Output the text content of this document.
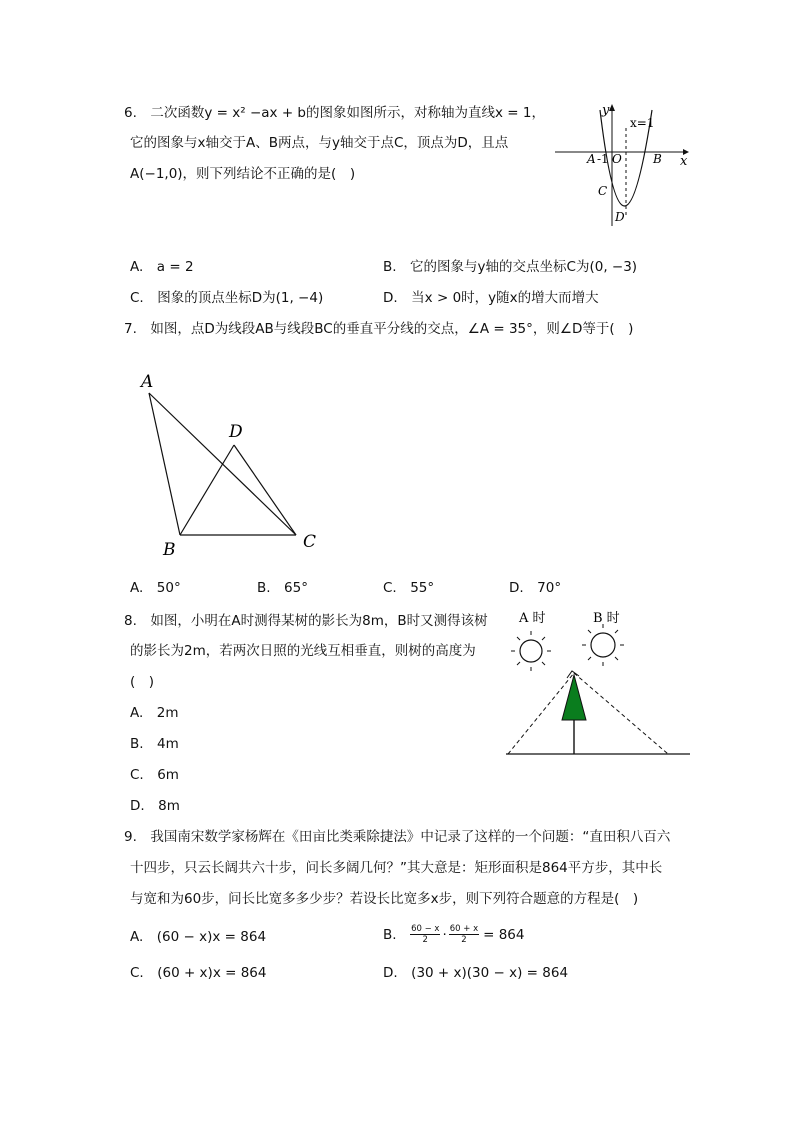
6.　二次函数y = x² −ax + b的图象如图所示，对称轴为直线x = 1，
它的图象与x轴交于A、B两点，与y轴交于点C，顶点为D，且点
A(−1,0)，则下列结论不正确的是(　)
y
x
x=1
A -1 O	B
C
D
A.　a = 2	B.　它的图象与y轴的交点坐标C为(0, −3)
C.　图象的顶点坐标D为(1, −4)	D.　当x > 0时，y随x的增大而增大
7.　如图，点D为线段AB与线段BC的垂直平分线的交点，∠A = 35°，则∠D等于(　)
A
B	C
D
A.　50°	B.　65°	C.　55°	D.　70°
8.　如图，小明在A时测得某树的影长为8m，B时又测得该树
的影长为2m，若两次日照的光线互相垂直，则树的高度为
(　)
A 时	B 时
A.　2m
B.　4m
C.　6m
D.　8m
9.　我国南宋数学家杨辉在《田亩比类乘除捷法》中记录了这样的一个问题：“直田积八百六
十四步，只云长阔共六十步，问长多阔几何？”其大意是：矩形面积是864平方步，其中长
与宽和为60步，问长比宽多多少步？若设长比宽多x步，则下列符合题意的方程是(　)
A.　(60 − x)x = 864	B.　 $\frac{60 - x}{2} \cdot \frac{60 + x}{2} = 864$
C.　(60 + x)x = 864	D.　(30 + x)(30 − x) = 864
